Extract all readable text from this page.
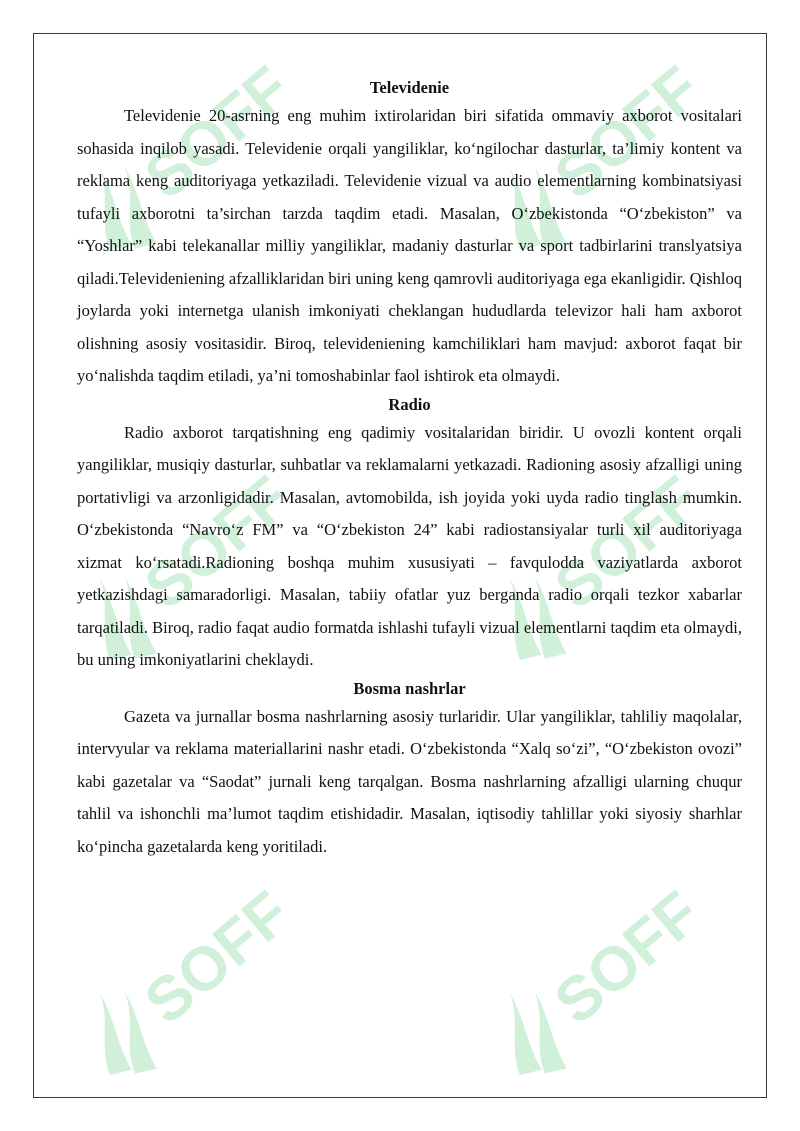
SOFF	SOFF
SOFF	SOFF
SOFF	SOFF
Televidenie

Televidenie 20-asrning eng muhim ixtirolaridan biri sifatida ommaviy axborot vositalari sohasida inqilob yasadi. Televidenie orqali yangiliklar, ko‘ngilochar dasturlar, ta’limiy kontent va reklama keng auditoriyaga yetkaziladi. Televidenie vizual va audio elementlarning kombinatsiyasi tufayli axborotni ta’sirchan tarzda taqdim etadi. Masalan, O‘zbekistonda “O‘zbekiston” va “Yoshlar” kabi telekanallar milliy yangiliklar, madaniy dasturlar va sport tadbirlarini translyatsiya qiladi.Televideniening afzalliklaridan biri uning keng qamrovli auditoriyaga ega ekanligidir. Qishloq joylarda yoki internetga ulanish imkoniyati cheklangan hududlarda televizor hali ham axborot olishning asosiy vositasidir. Biroq, televideniening kamchiliklari ham mavjud: axborot faqat bir yo‘nalishda taqdim etiladi, ya’ni tomoshabinlar faol ishtirok eta olmaydi.

Radio

Radio axborot tarqatishning eng qadimiy vositalaridan biridir. U ovozli kontent orqali yangiliklar, musiqiy dasturlar, suhbatlar va reklamalarni yetkazadi. Radioning asosiy afzalligi uning portativligi va arzonligidadir. Masalan, avtomobilda, ish joyida yoki uyda radio tinglash mumkin. O‘zbekistonda “Navro‘z FM” va “O‘zbekiston 24” kabi radiostansiyalar turli xil auditoriyaga xizmat ko‘rsatadi.Radioning boshqa muhim xususiyati – favqulodda vaziyatlarda axborot yetkazishdagi samaradorligi. Masalan, tabiiy ofatlar yuz berganda radio orqali tezkor xabarlar tarqatiladi. Biroq, radio faqat audio formatda ishlashi tufayli vizual elementlarni taqdim eta olmaydi, bu uning imkoniyatlarini cheklaydi.

Bosma nashrlar

Gazeta va jurnallar bosma nashrlarning asosiy turlaridir. Ular yangiliklar, tahliliy maqolalar, intervyular va reklama materiallarini nashr etadi. O‘zbekistonda “Xalq so‘zi”, “O‘zbekiston ovozi” kabi gazetalar va “Saodat” jurnali keng tarqalgan. Bosma nashrlarning afzalligi ularning chuqur tahlil va ishonchli ma’lumot taqdim etishidadir. Masalan, iqtisodiy tahlillar yoki siyosiy sharhlar ko‘pincha gazetalarda keng yoritiladi.
